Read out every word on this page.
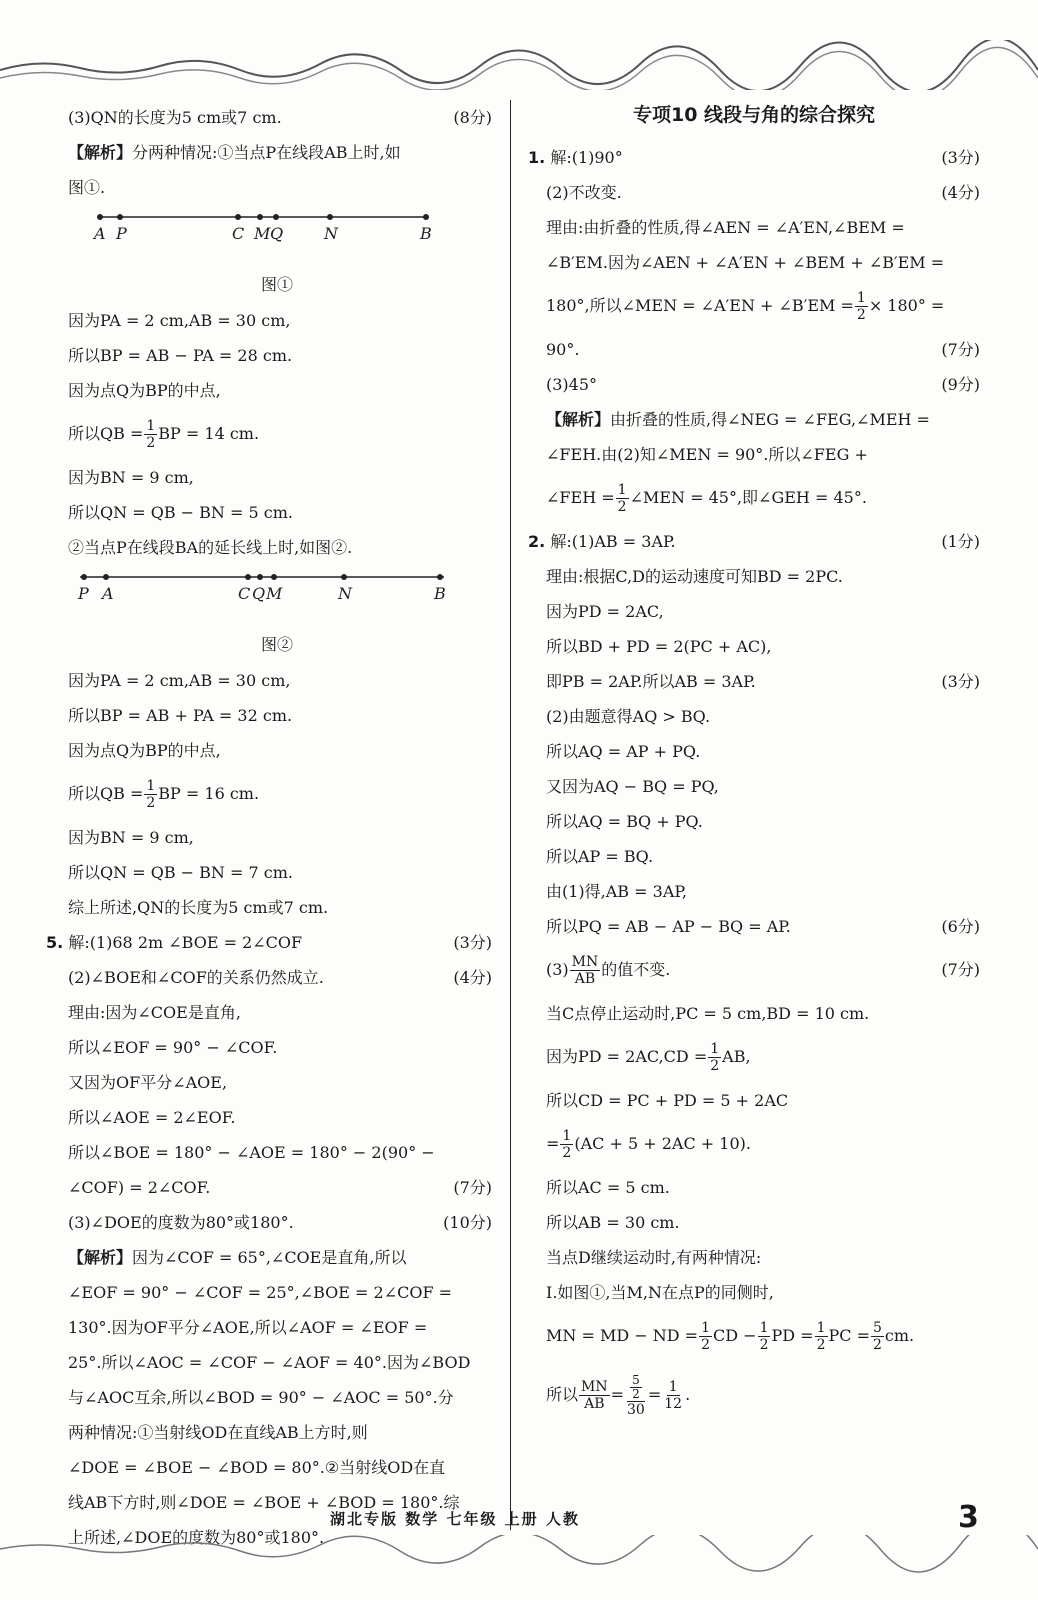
(3)QN的长度为5 cm或7 cm.	(8分)
【解析】分两种情况:①当点P在线段AB上时,如
图①.
A P	C M Q	N	B
图①
因为PA = 2 cm,AB = 30 cm,
所以BP = AB − PA = 28 cm.
因为点Q为BP的中点,
所以QB = $\frac{1}{2}$ BP = 14 cm.
因为BN = 9 cm,
所以QN = QB − BN = 5 cm.
②当点P在线段BA的延长线上时,如图②.
P A	C Q M	N	B
图②
因为PA = 2 cm,AB = 30 cm,
所以BP = AB + PA = 32 cm.
因为点Q为BP的中点,
所以QB = $\frac{1}{2}$ BP = 16 cm.
因为BN = 9 cm,
所以QN = QB − BN = 7 cm.
综上所述,QN的长度为5 cm或7 cm.
5. 解:(1)68 2m ∠BOE = 2∠COF	(3分)
(2)∠BOE和∠COF的关系仍然成立.	(4分)
理由:因为∠COE是直角,
所以∠EOF = 90° − ∠COF.
又因为OF平分∠AOE,
所以∠AOE = 2∠EOF.
所以∠BOE = 180° − ∠AOE = 180° − 2(90° −
∠COF) = 2∠COF.	(7分)
(3)∠DOE的度数为80°或180°.	(10分)
【解析】因为∠COF = 65°,∠COE是直角,所以
∠EOF = 90° − ∠COF = 25°,∠BOE = 2∠COF =
130°.因为OF平分∠AOE,所以∠AOF = ∠EOF =
25°.所以∠AOC = ∠COF − ∠AOF = 40°.因为∠BOD
与∠AOC互余,所以∠BOD = 90° − ∠AOC = 50°.分
两种情况:①当射线OD在直线AB上方时,则
∠DOE = ∠BOE − ∠BOD = 80°.②当射线OD在直
线AB下方时,则∠DOE = ∠BOE + ∠BOD = 180°.综
上所述,∠DOE的度数为80°或180°.
专项10 线段与角的综合探究
1. 解:(1)90°	(3分)
(2)不改变.	(4分)
理由:由折叠的性质,得∠AEN = ∠A′EN,∠BEM =
∠B′EM.因为∠AEN + ∠A′EN + ∠BEM + ∠B′EM =
180°,所以∠MEN = ∠A′EN + ∠B′EM = $\frac{1}{2} \times 180^\circ$ =
90°.	(7分)
(3)45°	(9分)
【解析】由折叠的性质,得∠NEG = ∠FEG,∠MEH =
∠FEH.由(2)知∠MEN = 90°.所以∠FEG +
∠FEH = $\frac{1}{2}$ ∠MEN = 45°,即∠GEH = 45°.
2. 解:(1)AB = 3AP.	(1分)
理由:根据C,D的运动速度可知BD = 2PC.
因为PD = 2AC,
所以BD + PD = 2(PC + AC),
即PB = 2AP.所以AB = 3AP.	(3分)
(2)由题意得AQ > BQ.
所以AQ = AP + PQ.
又因为AQ − BQ = PQ,
所以AQ = BQ + PQ.
所以AP = BQ.
由(1)得,AB = 3AP,
所以PQ = AB − AP − BQ = AP.	(6分)
$(3) \frac{MN}{AB}$ 的值不变.	(7分)
当C点停止运动时,PC = 5 cm,BD = 10 cm.
因为PD = $2AC,CD = \frac{1}{2}$ AB,
所以CD = PC + PD = 5 + 2AC
= $\frac{1}{2} (AC + 5 + 2AC + 10)$.
所以AC = 5 cm.
所以AB = 30 cm.
当点D继续运动时,有两种情况:
Ⅰ.如图①,当M,N在点P的同侧时,
MN = MD − ND = $\frac{1}{2}$ CD − $\frac{1}{2}$ PD = $\frac{1}{2}$ PC = $\frac{5}{2}$ cm.
所以 $\frac{MN}{AB} = \frac{\frac{5}{2}}{30} = \frac{1}{12}$ .
湖北专版 数学 七年级 上册 人教	3
